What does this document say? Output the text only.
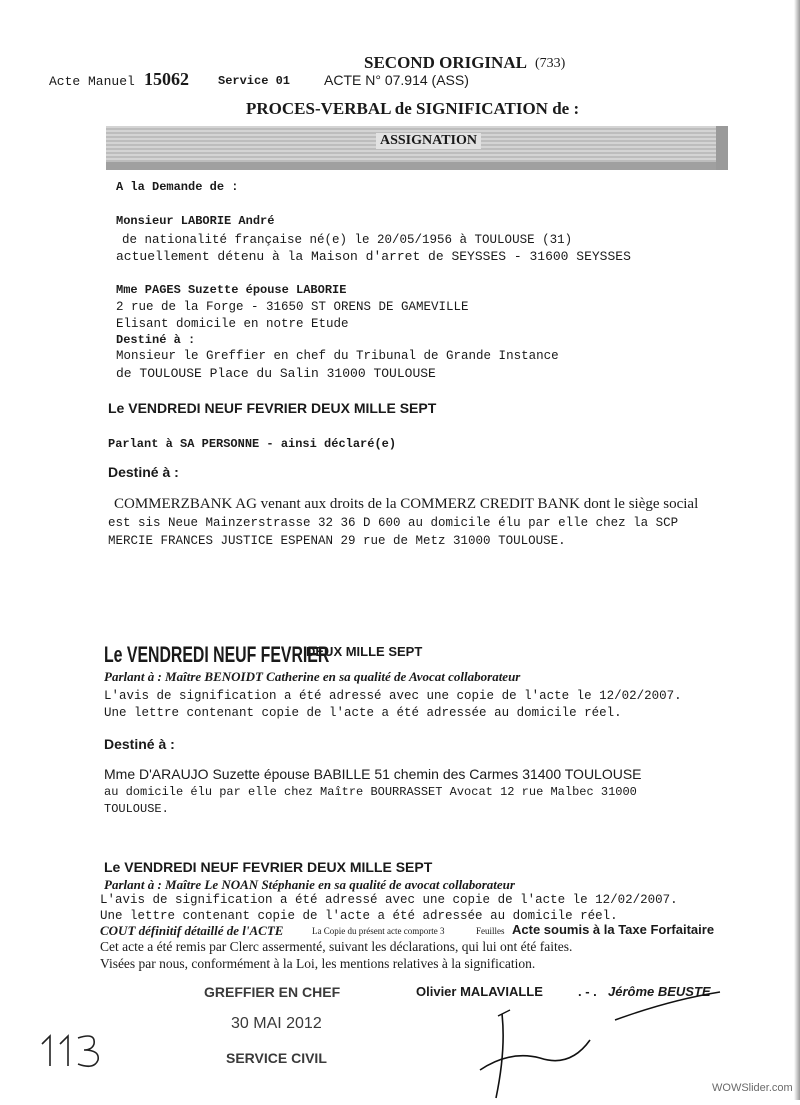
SECOND ORIGINAL (733)
Acte Manuel 15062 Service 01 ACTE N° 07.914 (ASS)
PROCES-VERBAL de SIGNIFICATION de :
ASSIGNATION
A la Demande de :
Monsieur LABORIE André
de nationalité française né(e) le 20/05/1956 à TOULOUSE (31)
actuellement détenu à la Maison d'arret de SEYSSES - 31600 SEYSSES
Mme PAGES Suzette épouse LABORIE
2 rue de la Forge - 31650 ST ORENS DE GAMEVILLE
Elisant domicile en notre Etude
Destiné à :
Monsieur le Greffier en chef du Tribunal de Grande Instance
de TOULOUSE Place du Salin 31000 TOULOUSE
Le VENDREDI NEUF FEVRIER DEUX MILLE SEPT
Parlant à SA PERSONNE - ainsi déclaré(e)
Destiné à :
COMMERZBANK AG venant aux droits de la COMMERZ CREDIT BANK dont le siège social
est sis Neue Mainzerstrasse 32 36 D 600 au domicile élu par elle chez la SCP
MERCIE FRANCES JUSTICE ESPENAN 29 rue de Metz 31000 TOULOUSE.
Le VENDREDI NEUF FEVRIER
DEUX MILLE SEPT
Parlant à : Maître BENOIDT Catherine en sa qualité de Avocat collaborateur
L'avis de signification a été adressé avec une copie de l'acte le 12/02/2007.
Une lettre contenant copie de l'acte a été adressée au domicile réel.
Destiné à :
Mme D'ARAUJO Suzette épouse BABILLE 51 chemin des Carmes 31400 TOULOUSE
au domicile élu par elle chez Maître BOURRASSET Avocat 12 rue Malbec 31000
TOULOUSE.
Le VENDREDI NEUF FEVRIER DEUX MILLE SEPT
Parlant à : Maître Le NOAN Stéphanie en sa qualité de avocat collaborateur
L'avis de signification a été adressé avec une copie de l'acte le 12/02/2007.
Une lettre contenant copie de l'acte a été adressée au domicile réel.
COUT définitif détaillé de l'ACTE	La Copie du présent acte comporte 3	Feuilles Acte soumis à la Taxe Forfaitaire
Cet acte a été remis par Clerc assermenté, suivant les déclarations, qui lui ont été faites.
Visées par nous, conformément à la Loi, les mentions relatives à la signification.
GREFFIER EN CHEF	Olivier MALAVIALLE	. - . Jérôme BEUSTE
30 MAI 2012
SERVICE CIVIL
WOWSlider.com
